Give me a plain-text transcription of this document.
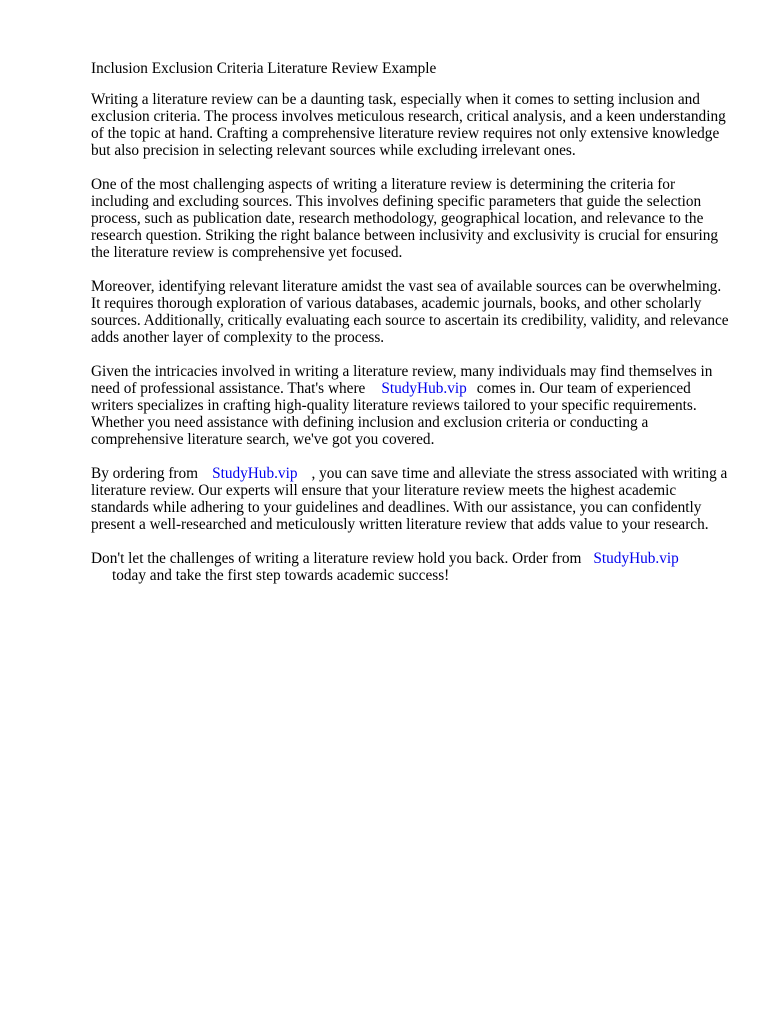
Inclusion Exclusion Criteria Literature Review Example

Writing a literature review can be a daunting task, especially when it comes to setting inclusion and exclusion criteria. The process involves meticulous research, critical analysis, and a keen understanding of the topic at hand. Crafting a comprehensive literature review requires not only extensive knowledge but also precision in selecting relevant sources while excluding irrelevant ones.

One of the most challenging aspects of writing a literature review is determining the criteria for including and excluding sources. This involves defining specific parameters that guide the selection process, such as publication date, research methodology, geographical location, and relevance to the research question. Striking the right balance between inclusivity and exclusivity is crucial for ensuring the literature review is comprehensive yet focused.

Moreover, identifying relevant literature amidst the vast sea of available sources can be overwhelming. It requires thorough exploration of various databases, academic journals, books, and other scholarly sources. Additionally, critically evaluating each source to ascertain its credibility, validity, and relevance adds another layer of complexity to the process.

Given the intricacies involved in writing a literature review, many individuals may find themselves in need of professional assistance. That's where StudyHub.vip comes in. Our team of experienced writers specializes in crafting high-quality literature reviews tailored to your specific requirements. Whether you need assistance with defining inclusion and exclusion criteria or conducting a comprehensive literature search, we've got you covered.

By ordering from StudyHub.vip , you can save time and alleviate the stress associated with writing a literature review. Our experts will ensure that your literature review meets the highest academic standards while adhering to your guidelines and deadlines. With our assistance, you can confidently present a well-researched and meticulously written literature review that adds value to your research.

Don't let the challenges of writing a literature review hold you back. Order from StudyHub.vip
today and take the first step towards academic success!
